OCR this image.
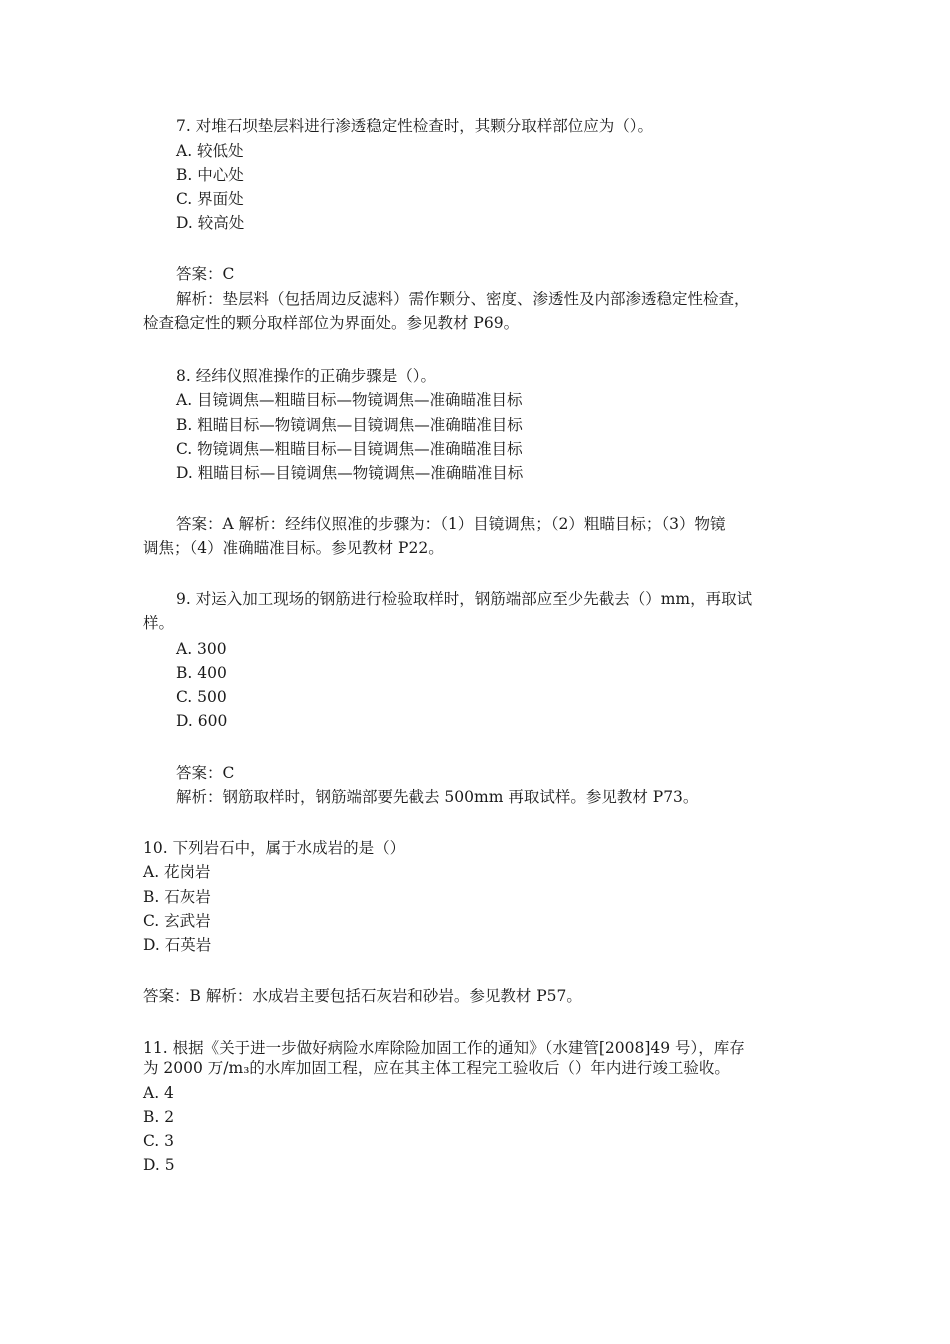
7. 对堆石坝垫层料进行渗透稳定性检查时，其颗分取样部位应为（）。
A. 较低处
B. 中心处
C. 界面处
D. 较高处
答案：C
解析：垫层料（包括周边反滤料）需作颗分、密度、渗透性及内部渗透稳定性检查，
检查稳定性的颗分取样部位为界面处。参见教材 P69。
8. 经纬仪照准操作的正确步骤是（）。
A. 目镜调焦—粗瞄目标—物镜调焦—准确瞄准目标
B. 粗瞄目标—物镜调焦—目镜调焦—准确瞄准目标
C. 物镜调焦—粗瞄目标—目镜调焦—准确瞄准目标
D. 粗瞄目标—目镜调焦—物镜调焦—准确瞄准目标
答案：A 解析：经纬仪照准的步骤为：（1）目镜调焦；（2）粗瞄目标；（3）物镜
调焦；（4）准确瞄准目标。参见教材 P22。
9. 对运入加工现场的钢筋进行检验取样时，钢筋端部应至少先截去（）mm，再取试
样。
A. 300
B. 400
C. 500
D. 600
答案：C
解析：钢筋取样时，钢筋端部要先截去 500mm 再取试样。参见教材 P73。
10. 下列岩石中，属于水成岩的是（）
A. 花岗岩
B. 石灰岩
C. 玄武岩
D. 石英岩
答案：B 解析：水成岩主要包括石灰岩和砂岩。参见教材 P57。
11. 根据《关于进一步做好病险水库除险加固工作的通知》（水建管[2008]49 号），库存
为 2000 万/m₃的水库加固工程，应在其主体工程完工验收后（）年内进行竣工验收。
A. 4
B. 2
C. 3
D. 5
